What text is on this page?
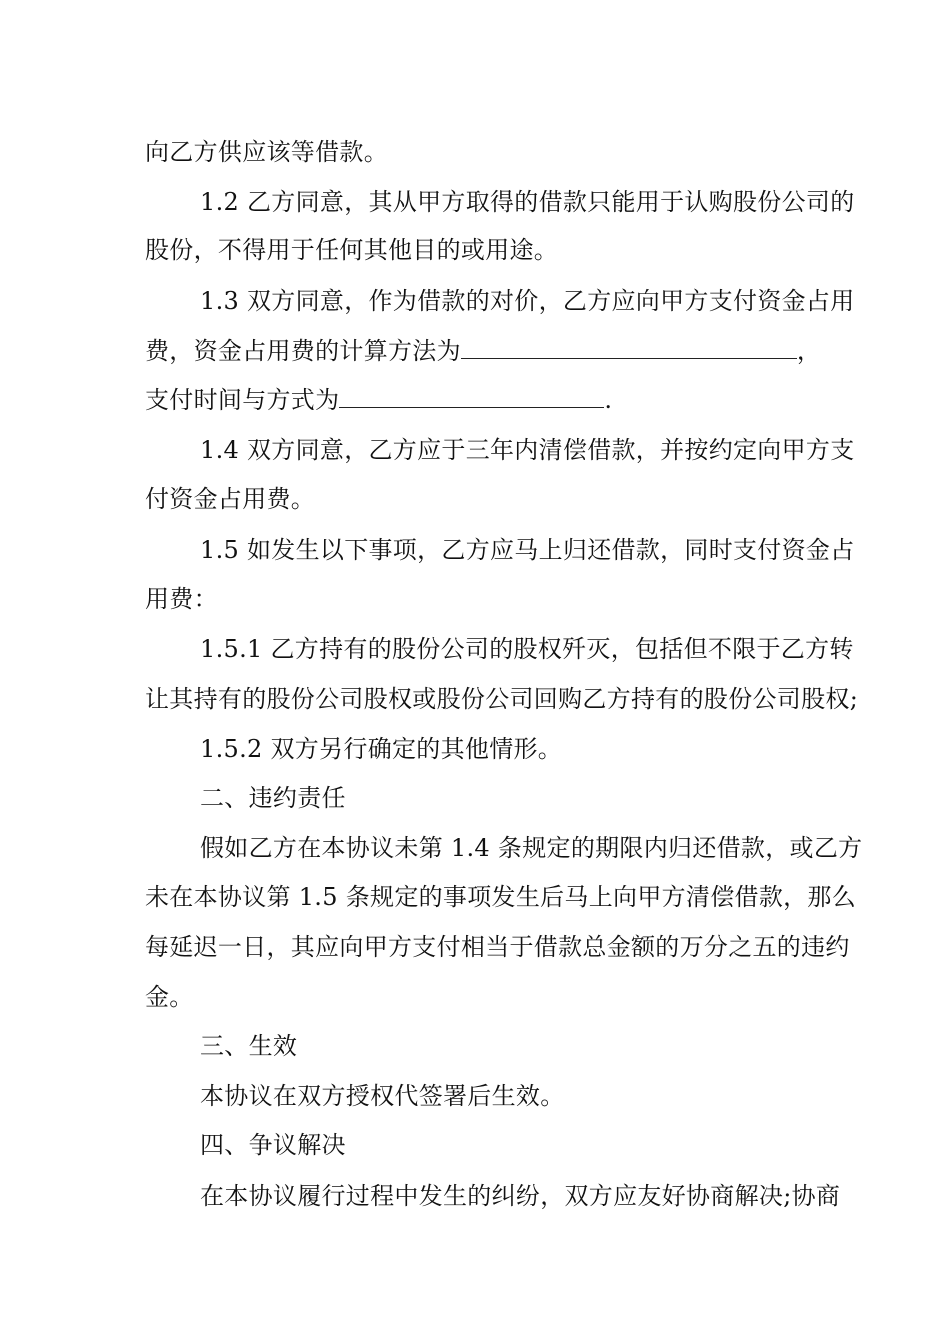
向乙方供应该等借款。
1.2 乙方同意，其从甲方取得的借款只能用于认购股份公司的
股份，不得用于任何其他目的或用途。
1.3 双方同意，作为借款的对价，乙方应向甲方支付资金占用
费，资金占用费的计算方法为	，
支付时间与方式为	.
1.4 双方同意，乙方应于三年内清偿借款，并按约定向甲方支
付资金占用费。
1.5 如发生以下事项，乙方应马上归还借款，同时支付资金占
用费：
1.5.1 乙方持有的股份公司的股权歼灭，包括但不限于乙方转
让其持有的股份公司股权或股份公司回购乙方持有的股份公司股权;
1.5.2 双方另行确定的其他情形。
二、违约责任
假如乙方在本协议未第 1.4 条规定的期限内归还借款，或乙方
未在本协议第 1.5 条规定的事项发生后马上向甲方清偿借款，那么
每延迟一日，其应向甲方支付相当于借款总金额的万分之五的违约
金。
三、生效
本协议在双方授权代签署后生效。
四、争议解决
在本协议履行过程中发生的纠纷，双方应友好协商解决;协商
